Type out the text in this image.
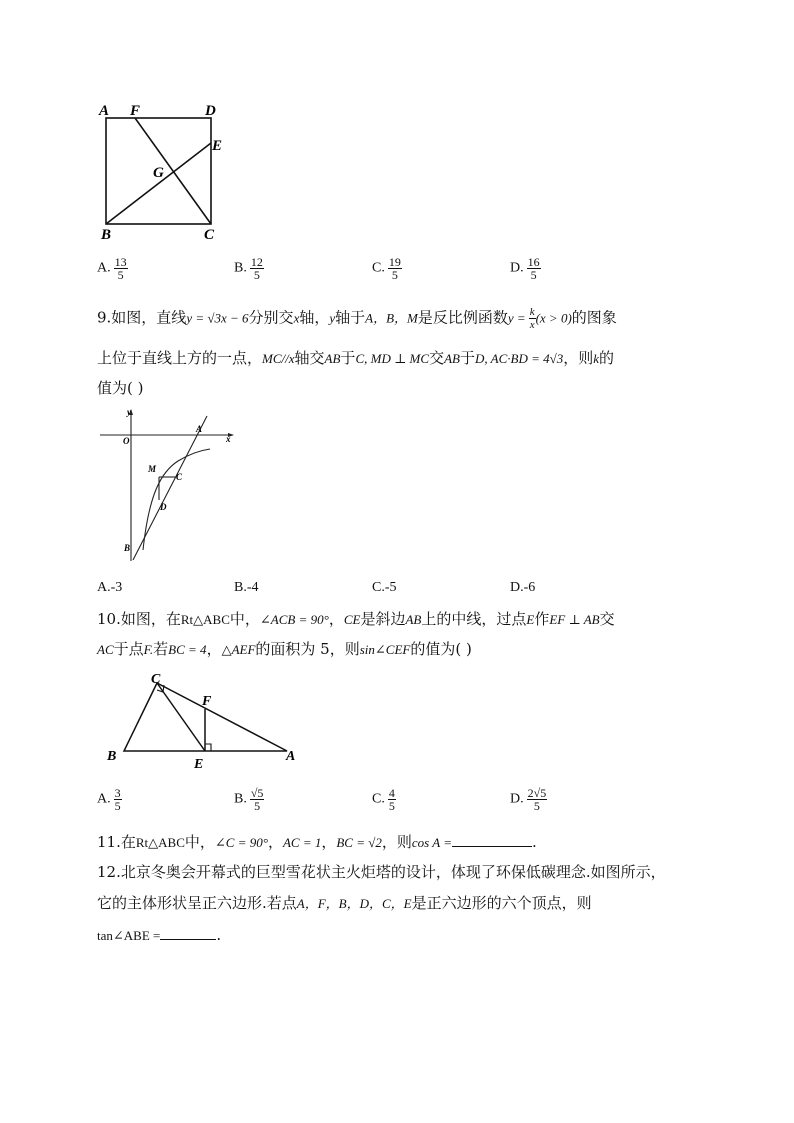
A F	D
E
G
B	C
A. $\frac{13}{5}$	B. $\frac{12}{5}$	C. $\frac{19}{5}$	D. $\frac{16}{5}$
9.如图，直线y = √3x − 6分别交x轴，y轴于A，B，M是反比例函数$y = \frac{k}{x} (x > 0)$的图象
上位于直线上方的一点，MC//x轴交AB于C, MD ⊥ MC交AB于D, AC·BD = 4√3，则k的
值为( )
y
O
A
x
M
C
D
B
A.-3	B.-4	C.-5	D.-6
10.如图，在Rt△ABC中，∠ACB = 90°，CE是斜边AB上的中线，过点E作EF ⊥ AB交
AC于点F.若BC = 4，△AEF的面积为 5，则sin∠CEF的值为( )
C
F
B
E
A
A. $\frac{3}{5}$	B. $\frac{√5}{5}$	C. $\frac{4}{5}$	D. $\frac{2√5}{5}$
11.在Rt△ABC中，∠C = 90°，AC = 1，BC = √2，则cos A =	.
12.北京冬奥会开幕式的巨型雪花状主火炬塔的设计，体现了环保低碳理念.如图所示，
它的主体形状呈正六边形.若点A，F，B，D，C，E是正六边形的六个顶点，则
tan∠ABE =	.
